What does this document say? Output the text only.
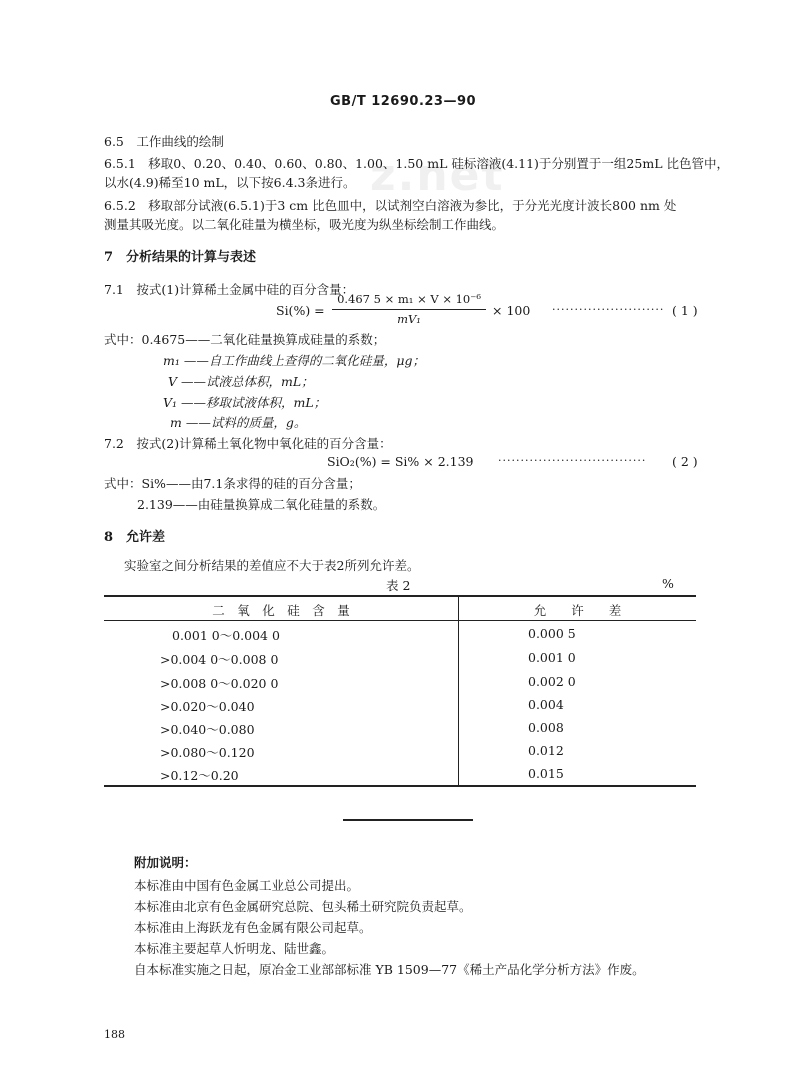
z.net
GB/T 12690.23—90
6.5　工作曲线的绘制
6.5.1　移取0、0.20、0.40、0.60、0.80、1.00、1.50 mL 硅标溶液(4.11)于分别置于一组25mL 比色管中，
以水(4.9)稀至10 mL，以下按6.4.3条进行。
6.5.2　移取部分试液(6.5.1)于3 cm 比色皿中，以试剂空白溶液为参比，于分光光度计波长800 nm 处
测量其吸光度。以二氧化硅量为横坐标，吸光度为纵坐标绘制工作曲线。
7　分析结果的计算与表述
7.1　按式(1)计算稀土金属中硅的百分含量：
Si(%) =
0.467 5 × m₁ × V × 10⁻⁶
mV₁
× 100 ························· ( 1 )
式中：0.4675——二氧化硅量换算成硅量的系数；
m₁ ——自工作曲线上查得的二氧化硅量，μg；
V ——试液总体积，mL；
V₁ ——移取试液体积，mL；
m ——试料的质量，g。
7.2　按式(2)计算稀土氧化物中氧化硅的百分含量：
SiO₂(%) = Si% × 2.139 ································· ( 2 )
式中：Si%——由7.1条求得的硅的百分含量；
2.139——由硅量换算成二氧化硅量的系数。
8　允许差
实验室之间分析结果的差值应不大于表2所列允许差。
表 2	%
二　氧　化　硅　含　量	允　　许　　差
0.001 0～0.004 0	0.000 5
>0.004 0～0.008 0	0.001 0
>0.008 0～0.020 0	0.002 0
>0.020～0.040	0.004
>0.040～0.080	0.008
>0.080～0.120	0.012
>0.12～0.20	0.015
附加说明：
本标准由中国有色金属工业总公司提出。
本标准由北京有色金属研究总院、包头稀土研究院负责起草。
本标准由上海跃龙有色金属有限公司起草。
本标准主要起草人忻明龙、陆世鑫。
自本标准实施之日起，原冶金工业部部标准 YB 1509—77《稀土产品化学分析方法》作废。
188
